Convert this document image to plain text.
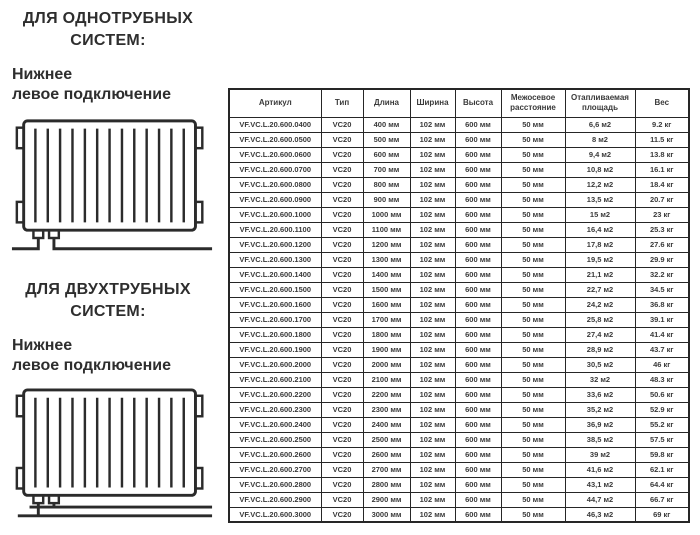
ДЛЯ ОДНОТРУБНЫХ
СИСТЕМ:
Нижнее
левое подключение
ДЛЯ ДВУХТРУБНЫХ
СИСТЕМ:
Нижнее
левое подключение
Артикул	Тип	Длина	Ширина	Высота	Межосевое расстояние	Отапливаемая площадь	Вес
VF.VC.L.20.600.0400	VC20	400 мм	102 мм	600 мм	50 мм	6,6 м2	9.2 кг
VF.VC.L.20.600.0500	VC20	500 мм	102 мм	600 мм	50 мм	8 м2	11.5 кг
VF.VC.L.20.600.0600	VC20	600 мм	102 мм	600 мм	50 мм	9,4 м2	13.8 кг
VF.VC.L.20.600.0700	VC20	700 мм	102 мм	600 мм	50 мм	10,8 м2	16.1 кг
VF.VC.L.20.600.0800	VC20	800 мм	102 мм	600 мм	50 мм	12,2 м2	18.4 кг
VF.VC.L.20.600.0900	VC20	900 мм	102 мм	600 мм	50 мм	13,5 м2	20.7 кг
VF.VC.L.20.600.1000	VC20	1000 мм	102 мм	600 мм	50 мм	15 м2	23 кг
VF.VC.L.20.600.1100	VC20	1100 мм	102 мм	600 мм	50 мм	16,4 м2	25.3 кг
VF.VC.L.20.600.1200	VC20	1200 мм	102 мм	600 мм	50 мм	17,8 м2	27.6 кг
VF.VC.L.20.600.1300	VC20	1300 мм	102 мм	600 мм	50 мм	19,5 м2	29.9 кг
VF.VC.L.20.600.1400	VC20	1400 мм	102 мм	600 мм	50 мм	21,1 м2	32.2 кг
VF.VC.L.20.600.1500	VC20	1500 мм	102 мм	600 мм	50 мм	22,7 м2	34.5 кг
VF.VC.L.20.600.1600	VC20	1600 мм	102 мм	600 мм	50 мм	24,2 м2	36.8 кг
VF.VC.L.20.600.1700	VC20	1700 мм	102 мм	600 мм	50 мм	25,8 м2	39.1 кг
VF.VC.L.20.600.1800	VC20	1800 мм	102 мм	600 мм	50 мм	27,4 м2	41.4 кг
VF.VC.L.20.600.1900	VC20	1900 мм	102 мм	600 мм	50 мм	28,9 м2	43.7 кг
VF.VC.L.20.600.2000	VC20	2000 мм	102 мм	600 мм	50 мм	30,5 м2	46 кг
VF.VC.L.20.600.2100	VC20	2100 мм	102 мм	600 мм	50 мм	32 м2	48.3 кг
VF.VC.L.20.600.2200	VC20	2200 мм	102 мм	600 мм	50 мм	33,6 м2	50.6 кг
VF.VC.L.20.600.2300	VC20	2300 мм	102 мм	600 мм	50 мм	35,2 м2	52.9 кг
VF.VC.L.20.600.2400	VC20	2400 мм	102 мм	600 мм	50 мм	36,9 м2	55.2 кг
VF.VC.L.20.600.2500	VC20	2500 мм	102 мм	600 мм	50 мм	38,5 м2	57.5 кг
VF.VC.L.20.600.2600	VC20	2600 мм	102 мм	600 мм	50 мм	39 м2	59.8 кг
VF.VC.L.20.600.2700	VC20	2700 мм	102 мм	600 мм	50 мм	41,6 м2	62.1 кг
VF.VC.L.20.600.2800	VC20	2800 мм	102 мм	600 мм	50 мм	43,1 м2	64.4 кг
VF.VC.L.20.600.2900	VC20	2900 мм	102 мм	600 мм	50 мм	44,7 м2	66.7 кг
VF.VC.L.20.600.3000	VC20	3000 мм	102 мм	600 мм	50 мм	46,3 м2	69 кг
